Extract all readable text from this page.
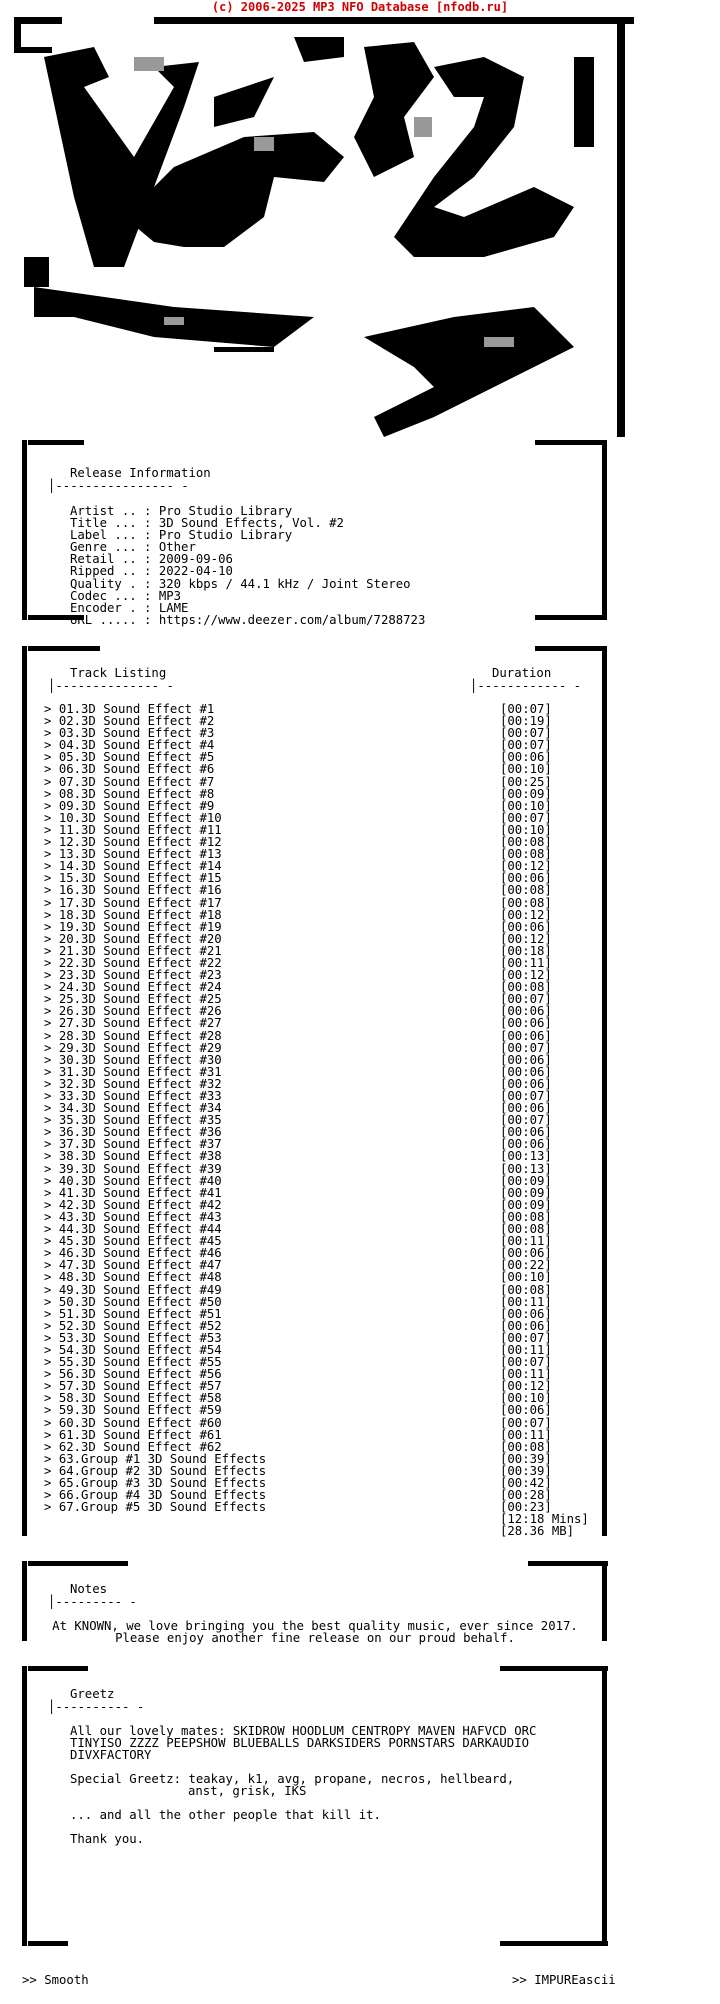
(c) 2006-2025 MP3 NFO Database [nfodb.ru]
sM
Release Information
│---------------- -
Artist .. : Pro Studio Library
Title ... : 3D Sound Effects, Vol. #2
Label ... : Pro Studio Library
Genre ... : Other
Retail .. : 2009-09-06
Ripped .. : 2022-04-10
Quality . : 320 kbps / 44.1 kHz / Joint Stereo
Codec ... : MP3
Encoder . : LAME
URL ..... : https://www.deezer.com/album/7288723
Track Listing	Duration
│-------------- -	│------------ -
> 01.3D Sound Effect #1	[00:07]
> 02.3D Sound Effect #2	[00:19]
> 03.3D Sound Effect #3	[00:07]
> 04.3D Sound Effect #4	[00:07]
> 05.3D Sound Effect #5	[00:06]
> 06.3D Sound Effect #6	[00:10]
> 07.3D Sound Effect #7	[00:25]
> 08.3D Sound Effect #8	[00:09]
> 09.3D Sound Effect #9	[00:10]
> 10.3D Sound Effect #10	[00:07]
> 11.3D Sound Effect #11	[00:10]
> 12.3D Sound Effect #12	[00:08]
> 13.3D Sound Effect #13	[00:08]
> 14.3D Sound Effect #14	[00:12]
> 15.3D Sound Effect #15	[00:06]
> 16.3D Sound Effect #16	[00:08]
> 17.3D Sound Effect #17	[00:08]
> 18.3D Sound Effect #18	[00:12]
> 19.3D Sound Effect #19	[00:06]
> 20.3D Sound Effect #20	[00:12]
> 21.3D Sound Effect #21	[00:18]
> 22.3D Sound Effect #22	[00:11]
> 23.3D Sound Effect #23	[00:12]
> 24.3D Sound Effect #24	[00:08]
> 25.3D Sound Effect #25	[00:07]
> 26.3D Sound Effect #26	[00:06]
> 27.3D Sound Effect #27	[00:06]
> 28.3D Sound Effect #28	[00:06]
> 29.3D Sound Effect #29	[00:07]
> 30.3D Sound Effect #30	[00:06]
> 31.3D Sound Effect #31	[00:06]
> 32.3D Sound Effect #32	[00:06]
> 33.3D Sound Effect #33	[00:07]
> 34.3D Sound Effect #34	[00:06]
> 35.3D Sound Effect #35	[00:07]
> 36.3D Sound Effect #36	[00:06]
> 37.3D Sound Effect #37	[00:06]
> 38.3D Sound Effect #38	[00:13]
> 39.3D Sound Effect #39	[00:13]
> 40.3D Sound Effect #40	[00:09]
> 41.3D Sound Effect #41	[00:09]
> 42.3D Sound Effect #42	[00:09]
> 43.3D Sound Effect #43	[00:08]
> 44.3D Sound Effect #44	[00:08]
> 45.3D Sound Effect #45	[00:11]
> 46.3D Sound Effect #46	[00:06]
> 47.3D Sound Effect #47	[00:22]
> 48.3D Sound Effect #48	[00:10]
> 49.3D Sound Effect #49	[00:08]
> 50.3D Sound Effect #50	[00:11]
> 51.3D Sound Effect #51	[00:06]
> 52.3D Sound Effect #52	[00:06]
> 53.3D Sound Effect #53	[00:07]
> 54.3D Sound Effect #54	[00:11]
> 55.3D Sound Effect #55	[00:07]
> 56.3D Sound Effect #56	[00:11]
> 57.3D Sound Effect #57	[00:12]
> 58.3D Sound Effect #58	[00:10]
> 59.3D Sound Effect #59	[00:06]
> 60.3D Sound Effect #60	[00:07]
> 61.3D Sound Effect #61	[00:11]
> 62.3D Sound Effect #62	[00:08]
> 63.Group #1 3D Sound Effects	[00:39]
> 64.Group #2 3D Sound Effects	[00:39]
> 65.Group #3 3D Sound Effects	[00:42]
> 66.Group #4 3D Sound Effects	[00:28]
> 67.Group #5 3D Sound Effects	[00:23]
[12:18 Mins]
[28.36 MB]
Notes
│--------- -
At KNOWN, we love bringing you the best quality music, ever since 2017.
Please enjoy another fine release on our proud behalf.
Greetz
│---------- -
All our lovely mates: SKIDROW HOODLUM CENTROPY MAVEN HAFVCD ORC
TINYISO ZZZZ PEEPSHOW BLUEBALLS DARKSIDERS PORNSTARS DARKAUDIO
DIVXFACTORY
Special Greetz: teakay, k1, avg, propane, necros, hellbeard,
anst, grisk, IKS
... and all the other people that kill it.
Thank you.
>> Smooth	>> IMPUREascii
